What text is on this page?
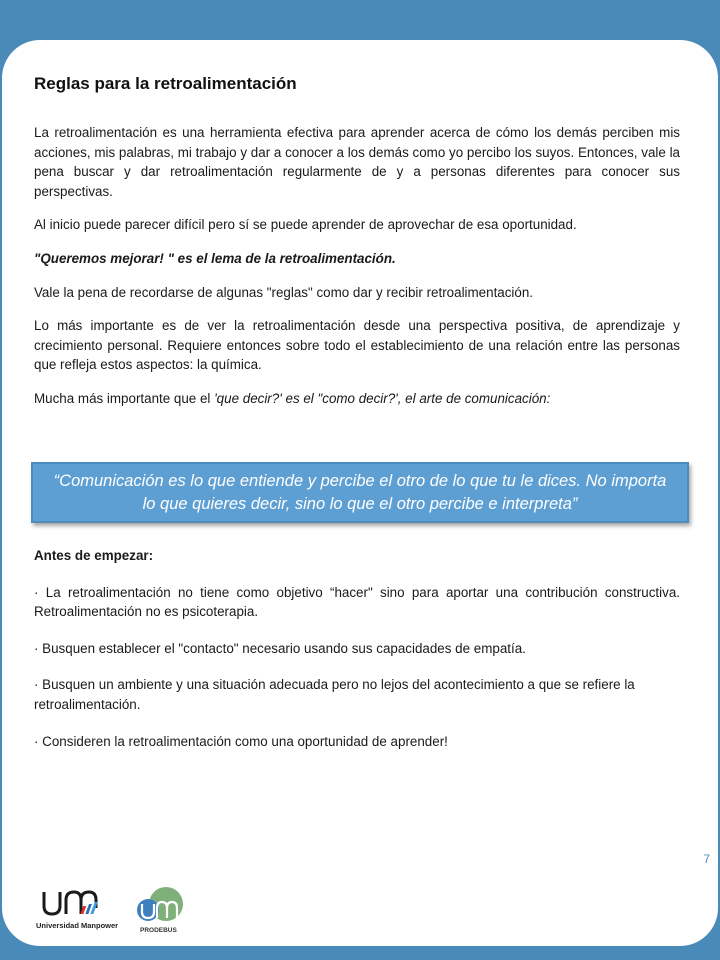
Reglas para la retroalimentación

La retroalimentación es una herramienta efectiva para aprender acerca de cómo los demás perciben mis acciones, mis palabras, mi trabajo y dar a conocer a los demás como yo percibo los suyos. Entonces, vale la pena buscar y dar retroalimentación regularmente de y a personas diferentes para conocer sus perspectivas.

Al inicio puede parecer difícil pero sí se puede aprender de aprovechar de esa oportunidad.

"Queremos mejorar! " es el lema de la retroalimentación.

Vale la pena de recordarse de algunas "reglas" como dar y recibir retroalimentación.

Lo más importante es de ver la retroalimentación desde una perspectiva positiva, de aprendizaje y crecimiento personal. Requiere entonces sobre todo el establecimiento de una relación entre las personas que refleja estos aspectos: la química.

Mucha más importante que el 'que decir?' es el "como decir?', el arte de comunicación:

“Comunicación es lo que entiende y percibe el otro de lo que tu le dices. No importa lo que quieres decir, sino lo que el otro percibe e interpreta”

Antes de empezar:

· La retroalimentación no tiene como objetivo “hacer" sino para aportar una contribución constructiva. Retroalimentación no es psicoterapia.

· Busquen establecer el "contacto" necesario usando sus capacidades de empatía.

· Busquen un ambiente y una situación adecuada pero no lejos del acontecimiento a que se refiere la retroalimentación.

· Consideren la retroalimentación como una oportunidad de aprender!

7
Universidad Manpower
PRODEBUS
